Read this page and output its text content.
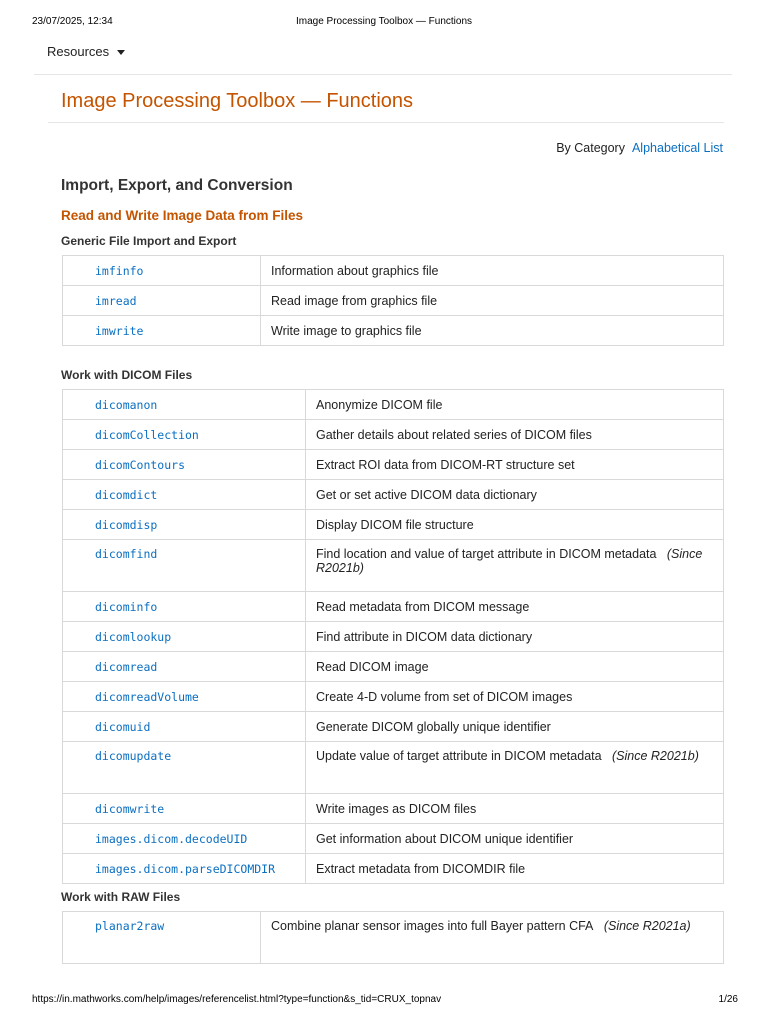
23/07/2025, 12:34	Image Processing Toolbox — Functions
Resources
Image Processing Toolbox — Functions
By Category Alphabetical List
Import, Export, and Conversion
Read and Write Image Data from Files
Generic File Import and Export
imfinfo	Information about graphics file
imread	Read image from graphics file
imwrite	Write image to graphics file
Work with DICOM Files
dicomanon	Anonymize DICOM file
dicomCollection	Gather details about related series of DICOM files
dicomContours	Extract ROI data from DICOM-RT structure set
dicomdict	Get or set active DICOM data dictionary
dicomdisp	Display DICOM file structure
dicomfind	Find location and value of target attribute in DICOM metadata (Since R2021b)
dicominfo	Read metadata from DICOM message
dicomlookup	Find attribute in DICOM data dictionary
dicomread	Read DICOM image
dicomreadVolume	Create 4-D volume from set of DICOM images
dicomuid	Generate DICOM globally unique identifier
dicomupdate	Update value of target attribute in DICOM metadata (Since R2021b)
dicomwrite	Write images as DICOM files
images.dicom.decodeUID	Get information about DICOM unique identifier
images.dicom.parseDICOMDIR	Extract metadata from DICOMDIR file
Work with RAW Files
planar2raw	Combine planar sensor images into full Bayer pattern CFA (Since R2021a)
https://in.mathworks.com/help/images/referencelist.html?type=function&s_tid=CRUX_topnav	1/26
